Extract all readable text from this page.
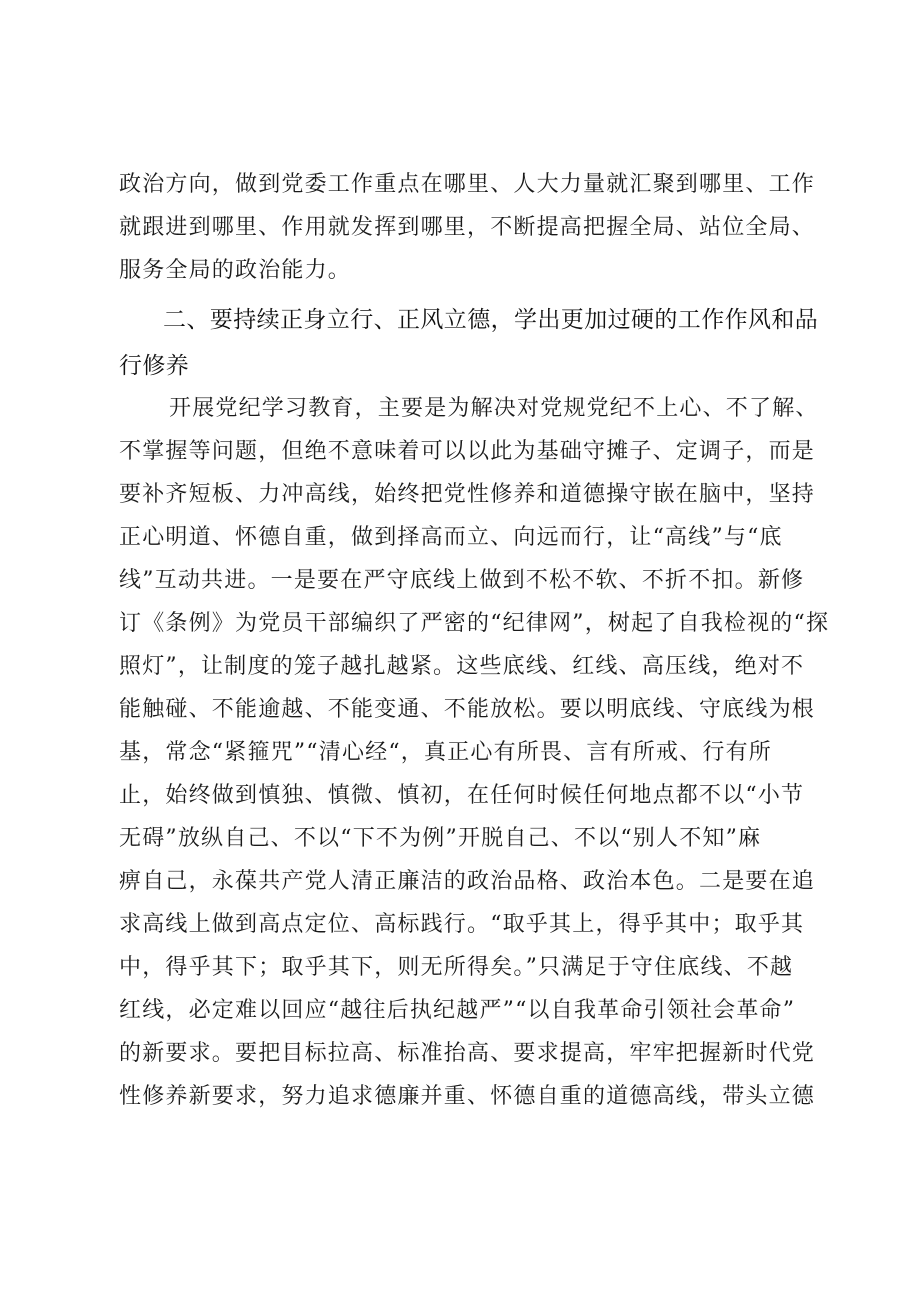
政治方向，做到党委工作重点在哪里、人大力量就汇聚到哪里、工作
就跟进到哪里、作用就发挥到哪里，不断提高把握全局、站位全局、
服务全局的政治能力。
二、要持续正身立行、正风立德，学出更加过硬的工作作风和品
行修养
开展党纪学习教育，主要是为解决对党规党纪不上心、不了解、
不掌握等问题，但绝不意味着可以以此为基础守摊子、定调子，而是
要补齐短板、力冲高线，始终把党性修养和道德操守嵌在脑中，坚持
正心明道、怀德自重，做到择高而立、向远而行，让“高线”与“底
线”互动共进。一是要在严守底线上做到不松不软、不折不扣。新修
订《条例》为党员干部编织了严密的“纪律网”，树起了自我检视的“探
照灯”，让制度的笼子越扎越紧。这些底线、红线、高压线，绝对不
能触碰、不能逾越、不能变通、不能放松。要以明底线、守底线为根
基，常念“紧箍咒”“清心经“，真正心有所畏、言有所戒、行有所
止，始终做到慎独、慎微、慎初，在任何时候任何地点都不以“小节
无碍”放纵自己、不以“下不为例”开脱自己、不以“别人不知”麻
痹自己，永葆共产党人清正廉洁的政治品格、政治本色。二是要在追
求高线上做到高点定位、高标践行。“取乎其上，得乎其中；取乎其
中，得乎其下；取乎其下，则无所得矣。”只满足于守住底线、不越
红线，必定难以回应“越往后执纪越严”“以自我革命引领社会革命”
的新要求。要把目标拉高、标准抬高、要求提高，牢牢把握新时代党
性修养新要求，努力追求德廉并重、怀德自重的道德高线，带头立德
